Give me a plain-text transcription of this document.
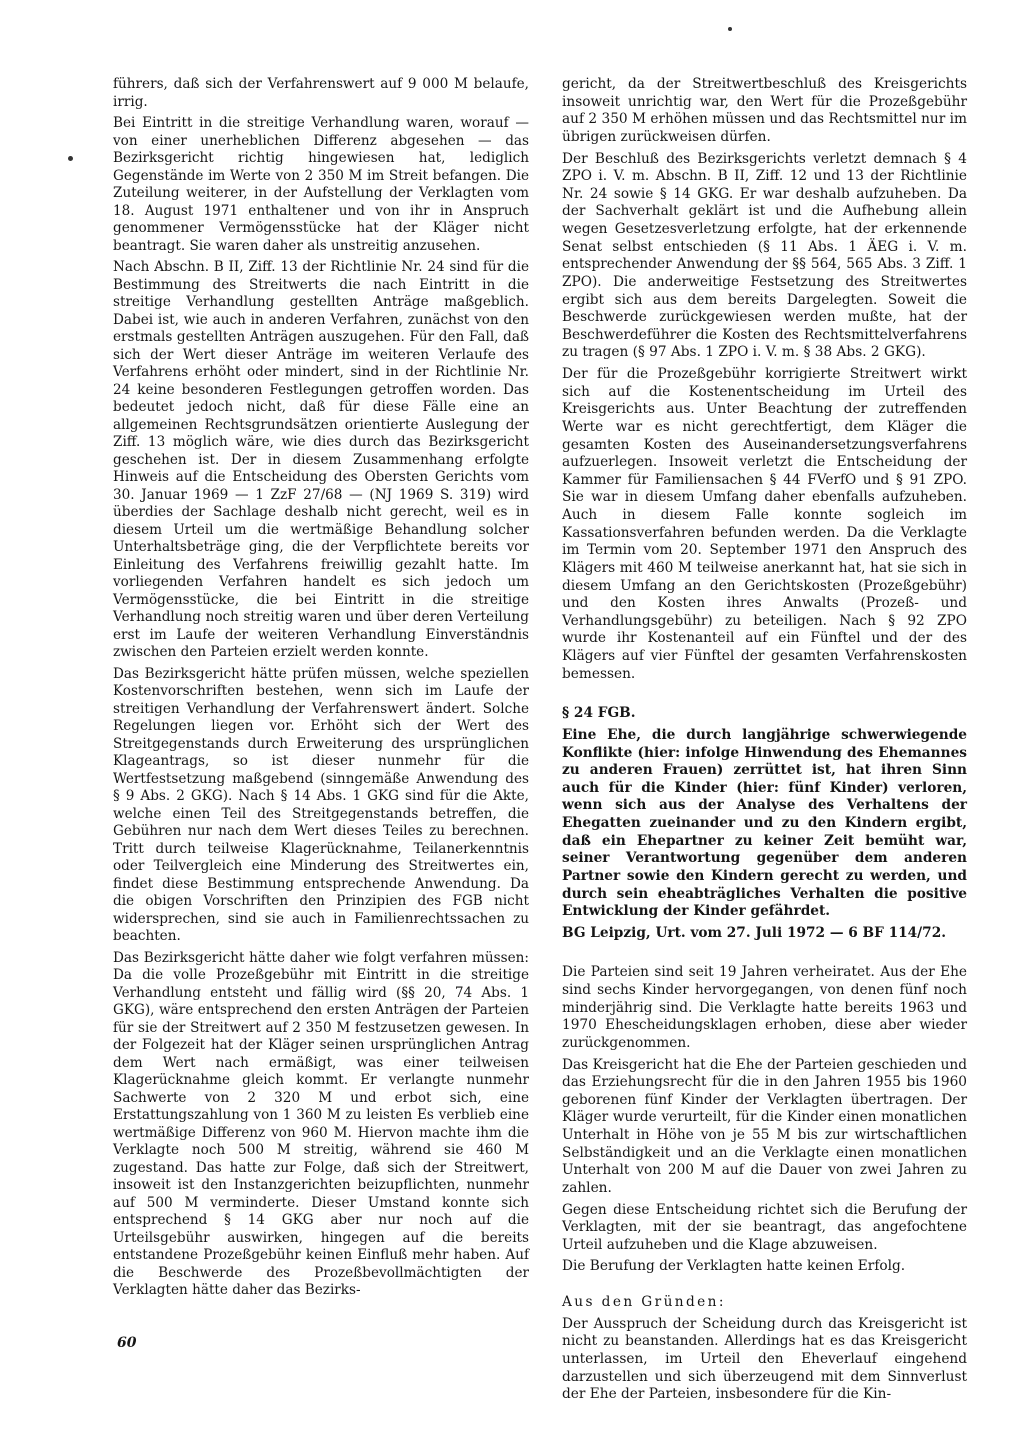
führers, daß sich der Verfahrenswert auf 9 000 M belaufe, irrig.

Bei Eintritt in die streitige Verhandlung waren, worauf — von einer unerheblichen Differenz abgesehen — das Bezirksgericht richtig hingewiesen hat, lediglich Gegenstände im Werte von 2 350 M im Streit befangen. Die Zuteilung weiterer, in der Aufstellung der Verklagten vom 18. August 1971 enthaltener und von ihr in Anspruch genommener Vermögensstücke hat der Kläger nicht beantragt. Sie waren daher als unstreitig anzusehen.

Nach Abschn. B II, Ziff. 13 der Richtlinie Nr. 24 sind für die Bestimmung des Streitwerts die nach Eintritt in die streitige Verhandlung gestellten Anträge maßgeblich. Dabei ist, wie auch in anderen Verfahren, zunächst von den erstmals gestellten Anträgen auszugehen. Für den Fall, daß sich der Wert dieser Anträge im weiteren Verlaufe des Verfahrens erhöht oder mindert, sind in der Richtlinie Nr. 24 keine besonderen Festlegungen getroffen worden. Das bedeutet jedoch nicht, daß für diese Fälle eine an allgemeinen Rechtsgrundsätzen orientierte Auslegung der Ziff. 13 möglich wäre, wie dies durch das Bezirksgericht geschehen ist. Der in diesem Zusammenhang erfolgte Hinweis auf die Entscheidung des Obersten Gerichts vom 30. Januar 1969 — 1 ZzF 27/68 — (NJ 1969 S. 319) wird überdies der Sachlage deshalb nicht gerecht, weil es in diesem Urteil um die wertmäßige Behandlung solcher Unterhaltsbeträge ging, die der Verpflichtete bereits vor Einleitung des Verfahrens freiwillig gezahlt hatte. Im vorliegenden Verfahren handelt es sich jedoch um Vermögensstücke, die bei Eintritt in die streitige Verhandlung noch streitig waren und über deren Verteilung erst im Laufe der weiteren Verhandlung Einverständnis zwischen den Parteien erzielt werden konnte.

Das Bezirksgericht hätte prüfen müssen, welche speziellen Kostenvorschriften bestehen, wenn sich im Laufe der streitigen Verhandlung der Verfahrenswert ändert. Solche Regelungen liegen vor. Erhöht sich der Wert des Streitgegenstands durch Erweiterung des ursprünglichen Klageantrags, so ist dieser nunmehr für die Wertfestsetzung maßgebend (sinngemäße Anwendung des § 9 Abs. 2 GKG). Nach § 14 Abs. 1 GKG sind für die Akte, welche einen Teil des Streitgegenstands betreffen, die Gebühren nur nach dem Wert dieses Teiles zu berechnen. Tritt durch teilweise Klagerücknahme, Teilanerkenntnis oder Teilvergleich eine Minderung des Streitwertes ein, findet diese Bestimmung entsprechende Anwendung. Da die obigen Vorschriften den Prinzipien des FGB nicht widersprechen, sind sie auch in Familienrechtssachen zu beachten.

Das Bezirksgericht hätte daher wie folgt verfahren müssen: Da die volle Prozeßgebühr mit Eintritt in die streitige Verhandlung entsteht und fällig wird (§§ 20, 74 Abs. 1 GKG), wäre entsprechend den ersten Anträgen der Parteien für sie der Streitwert auf 2 350 M festzusetzen gewesen. In der Folgezeit hat der Kläger seinen ursprünglichen Antrag dem Wert nach ermäßigt, was einer teilweisen Klagerücknahme gleich kommt. Er verlangte nunmehr Sachwerte von 2 320 M und erbot sich, eine Erstattungszahlung von 1 360 M zu leisten Es verblieb eine wertmäßige Differenz von 960 M. Hiervon machte ihm die Verklagte noch 500 M streitig, während sie 460 M zugestand. Das hatte zur Folge, daß sich der Streitwert, insoweit ist den Instanzgerichten beizupflichten, nunmehr auf 500 M verminderte. Dieser Umstand konnte sich entsprechend § 14 GKG aber nur noch auf die Urteilsgebühr auswirken, hingegen auf die bereits entstandene Prozeßgebühr keinen Einfluß mehr haben. Auf die Beschwerde des Prozeßbevollmächtigten der Verklagten hätte daher das Bezirks-

gericht, da der Streitwertbeschluß des Kreisgerichts insoweit unrichtig war, den Wert für die Prozeßgebühr auf 2 350 M erhöhen müssen und das Rechtsmittel nur im übrigen zurückweisen dürfen.

Der Beschluß des Bezirksgerichts verletzt demnach § 4 ZPO i. V. m. Abschn. B II, Ziff. 12 und 13 der Richtlinie Nr. 24 sowie § 14 GKG. Er war deshalb aufzuheben. Da der Sachverhalt geklärt ist und die Aufhebung allein wegen Gesetzesverletzung erfolgte, hat der erkennende Senat selbst entschieden (§ 11 Abs. 1 ÄEG i. V. m. entsprechender Anwendung der §§ 564, 565 Abs. 3 Ziff. 1 ZPO). Die anderweitige Festsetzung des Streitwertes ergibt sich aus dem bereits Dargelegten. Soweit die Beschwerde zurückgewiesen werden mußte, hat der Beschwerdeführer die Kosten des Rechtsmittelverfahrens zu tragen (§ 97 Abs. 1 ZPO i. V. m. § 38 Abs. 2 GKG).

Der für die Prozeßgebühr korrigierte Streitwert wirkt sich auf die Kostenentscheidung im Urteil des Kreisgerichts aus. Unter Beachtung der zutreffenden Werte war es nicht gerechtfertigt, dem Kläger die gesamten Kosten des Auseinandersetzungsverfahrens aufzuerlegen. Insoweit verletzt die Entscheidung der Kammer für Familiensachen § 44 FVerfO und § 91 ZPO. Sie war in diesem Umfang daher ebenfalls aufzuheben. Auch in diesem Falle konnte sogleich im Kassationsverfahren befunden werden. Da die Verklagte im Termin vom 20. September 1971 den Anspruch des Klägers mit 460 M teilweise anerkannt hat, hat sie sich in diesem Umfang an den Gerichtskosten (Prozeßgebühr) und den Kosten ihres Anwalts (Prozeß- und Verhandlungsgebühr) zu beteiligen. Nach § 92 ZPO wurde ihr Kostenanteil auf ein Fünftel und der des Klägers auf vier Fünftel der gesamten Verfahrenskosten bemessen.

§ 24 FGB.

Eine Ehe, die durch langjährige schwerwiegende Konflikte (hier: infolge Hinwendung des Ehemannes zu anderen Frauen) zerrüttet ist, hat ihren Sinn auch für die Kinder (hier: fünf Kinder) verloren, wenn sich aus der Analyse des Verhaltens der Ehegatten zueinander und zu den Kindern ergibt, daß ein Ehepartner zu keiner Zeit bemüht war, seiner Verantwortung gegenüber dem anderen Partner sowie den Kindern gerecht zu werden, und durch sein eheabträgliches Verhalten die positive Entwicklung der Kinder gefährdet.

BG Leipzig, Urt. vom 27. Juli 1972 — 6 BF 114/72.

Die Parteien sind seit 19 Jahren verheiratet. Aus der Ehe sind sechs Kinder hervorgegangen, von denen fünf noch minderjährig sind. Die Verklagte hatte bereits 1963 und 1970 Ehescheidungsklagen erhoben, diese aber wieder zurückgenommen.

Das Kreisgericht hat die Ehe der Parteien geschieden und das Erziehungsrecht für die in den Jahren 1955 bis 1960 geborenen fünf Kinder der Verklagten übertragen. Der Kläger wurde verurteilt, für die Kinder einen monatlichen Unterhalt in Höhe von je 55 M bis zur wirtschaftlichen Selbständigkeit und an die Verklagte einen monatlichen Unterhalt von 200 M auf die Dauer von zwei Jahren zu zahlen.

Gegen diese Entscheidung richtet sich die Berufung der Verklagten, mit der sie beantragt, das angefochtene Urteil aufzuheben und die Klage abzuweisen.

Die Berufung der Verklagten hatte keinen Erfolg.

Aus den Gründen:

Der Ausspruch der Scheidung durch das Kreisgericht ist nicht zu beanstanden. Allerdings hat es das Kreisgericht unterlassen, im Urteil den Eheverlauf eingehend darzustellen und sich überzeugend mit dem Sinnverlust der Ehe der Parteien, insbesondere für die Kin-

60
